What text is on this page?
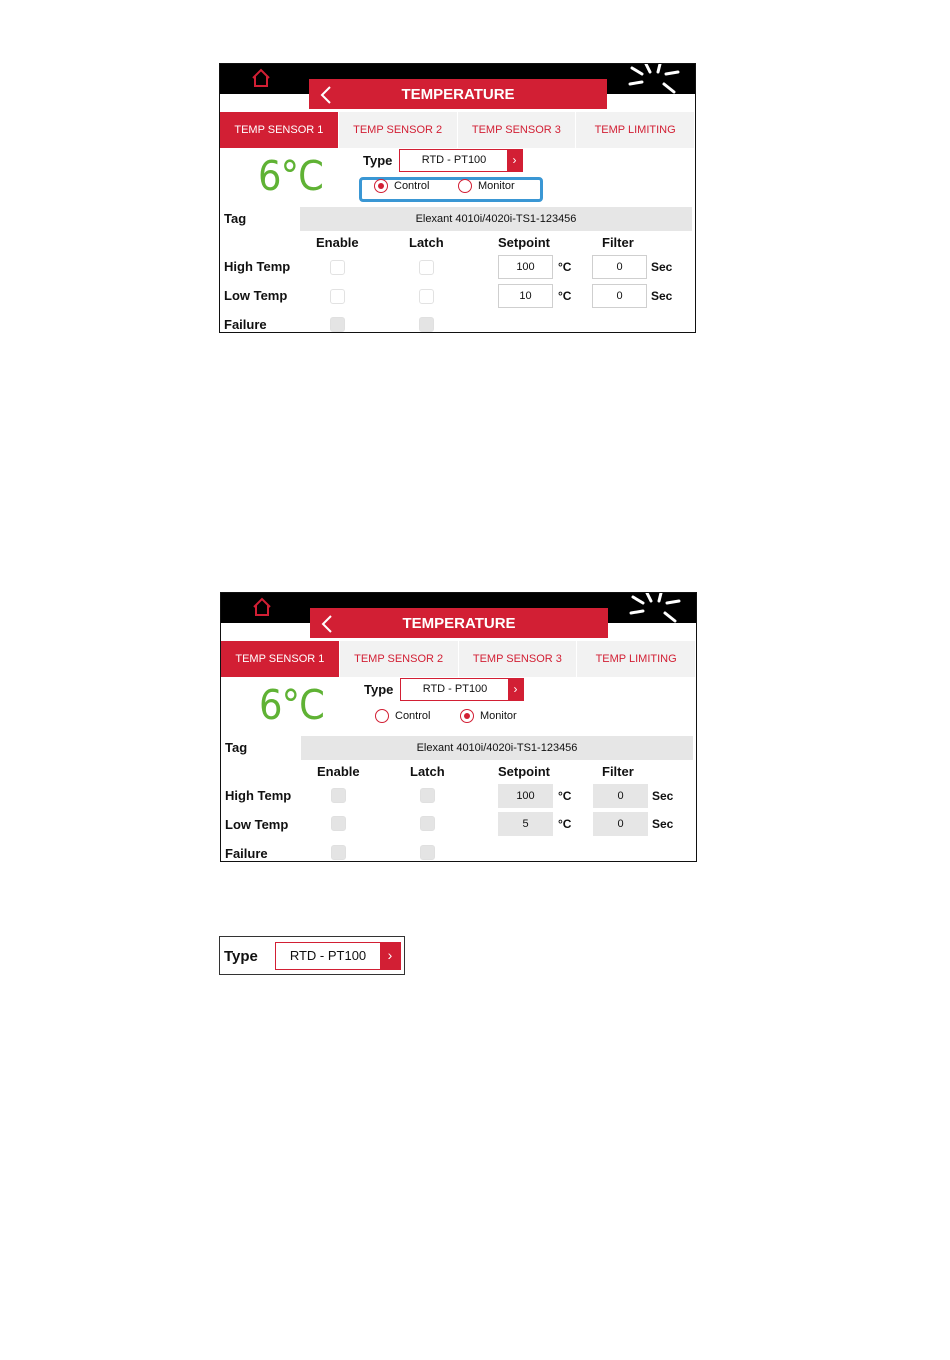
TEMPERATURE
TEMP SENSOR 1	TEMP SENSOR 2	TEMP SENSOR 3	TEMP LIMITING
6°C	Type	RTD - PT100	›
Control	Monitor
Tag	Elexant 4010i/4020i-TS1-123456
Enable	Latch	Setpoint	Filter
High Temp	100	°C	0	Sec
Low Temp	10	°C	0	Sec
Failure
TEMPERATURE
TEMP SENSOR 1	TEMP SENSOR 2	TEMP SENSOR 3	TEMP LIMITING
6°C	Type	RTD - PT100	›
Control	Monitor
Tag	Elexant 4010i/4020i-TS1-123456
Enable	Latch	Setpoint	Filter
High Temp	100	°C	0	Sec
Low Temp	5	°C	0	Sec
Failure
Type	RTD - PT100	›
